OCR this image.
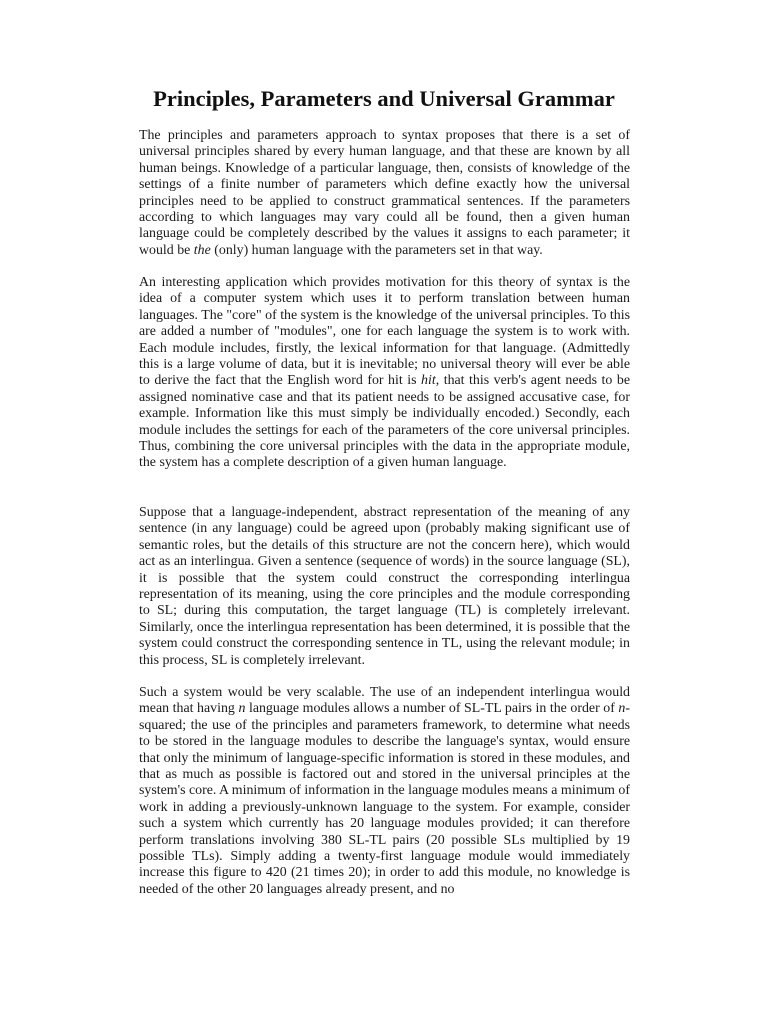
Principles, Parameters and Universal Grammar

The principles and parameters approach to syntax proposes that there is a set of universal principles shared by every human language, and that these are known by all human beings. Knowledge of a particular language, then, consists of knowledge of the settings of a finite number of parameters which define exactly how the universal principles need to be applied to construct grammatical sentences. If the parameters according to which languages may vary could all be found, then a given human language could be completely described by the values it assigns to each parameter; it would be the (only) human language with the parameters set in that way.

An interesting application which provides motivation for this theory of syntax is the idea of a computer system which uses it to perform translation between human languages. The "core" of the system is the knowledge of the universal principles. To this are added a number of "modules", one for each language the system is to work with. Each module includes, firstly, the lexical information for that language. (Admittedly this is a large volume of data, but it is inevitable; no universal theory will ever be able to derive the fact that the English word for hit is hit, that this verb's agent needs to be assigned nominative case and that its patient needs to be assigned accusative case, for example. Information like this must simply be individually encoded.) Secondly, each module includes the settings for each of the parameters of the core universal principles. Thus, combining the core universal principles with the data in the appropriate module, the system has a complete description of a given human language.

Suppose that a language-independent, abstract representation of the meaning of any sentence (in any language) could be agreed upon (probably making significant use of semantic roles, but the details of this structure are not the concern here), which would act as an interlingua. Given a sentence (sequence of words) in the source language (SL), it is possible that the system could construct the corresponding interlingua representation of its meaning, using the core principles and the module corresponding to SL; during this computation, the target language (TL) is completely irrelevant. Similarly, once the interlingua representation has been determined, it is possible that the system could construct the corresponding sentence in TL, using the relevant module; in this process, SL is completely irrelevant.

Such a system would be very scalable. The use of an independent interlingua would mean that having n language modules allows a number of SL-TL pairs in the order of n-squared; the use of the principles and parameters framework, to determine what needs to be stored in the language modules to describe the language's syntax, would ensure that only the minimum of language-specific information is stored in these modules, and that as much as possible is factored out and stored in the universal principles at the system's core. A minimum of information in the language modules means a minimum of work in adding a previously-unknown language to the system. For example, consider such a system which currently has 20 language modules provided; it can therefore perform translations involving 380 SL-TL pairs (20 possible SLs multiplied by 19 possible TLs). Simply adding a twenty-first language module would immediately increase this figure to 420 (21 times 20); in order to add this module, no knowledge is needed of the other 20 languages already present, and no
